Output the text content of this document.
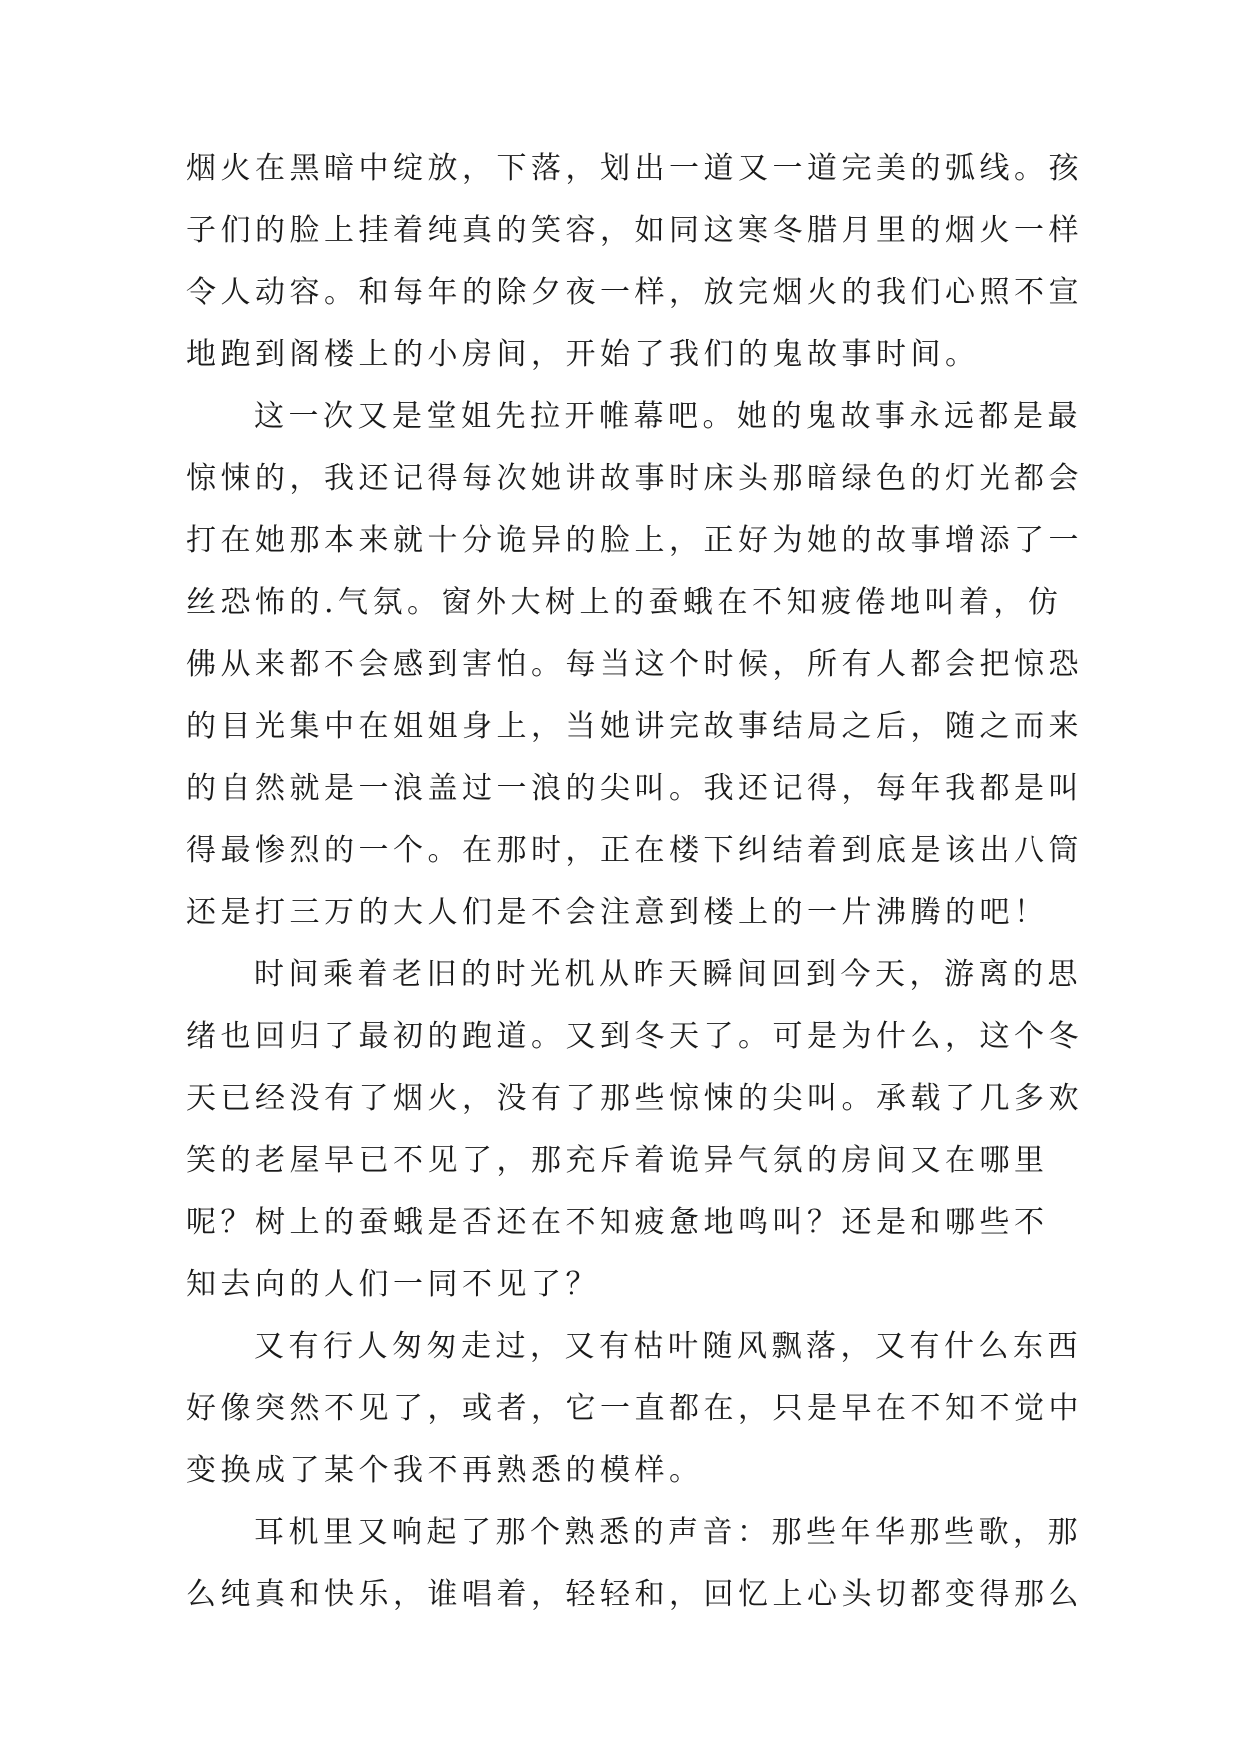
烟火在黑暗中绽放，下落，划出一道又一道完美的弧线。孩
子们的脸上挂着纯真的笑容，如同这寒冬腊月里的烟火一样
令人动容。和每年的除夕夜一样，放完烟火的我们心照不宣
地跑到阁楼上的小房间，开始了我们的鬼故事时间。
这一次又是堂姐先拉开帷幕吧。她的鬼故事永远都是最
惊悚的，我还记得每次她讲故事时床头那暗绿色的灯光都会
打在她那本来就十分诡异的脸上，正好为她的故事增添了一
丝恐怖的.气氛。窗外大树上的蚕蛾在不知疲倦地叫着，仿
佛从来都不会感到害怕。每当这个时候，所有人都会把惊恐
的目光集中在姐姐身上，当她讲完故事结局之后，随之而来
的自然就是一浪盖过一浪的尖叫。我还记得，每年我都是叫
得最惨烈的一个。在那时，正在楼下纠结着到底是该出八筒
还是打三万的大人们是不会注意到楼上的一片沸腾的吧！
时间乘着老旧的时光机从昨天瞬间回到今天，游离的思
绪也回归了最初的跑道。又到冬天了。可是为什么，这个冬
天已经没有了烟火，没有了那些惊悚的尖叫。承载了几多欢
笑的老屋早已不见了，那充斥着诡异气氛的房间又在哪里
呢？树上的蚕蛾是否还在不知疲惫地鸣叫？还是和哪些不
知去向的人们一同不见了？
又有行人匆匆走过，又有枯叶随风飘落，又有什么东西
好像突然不见了，或者，它一直都在，只是早在不知不觉中
变换成了某个我不再熟悉的模样。
耳机里又响起了那个熟悉的声音：那些年华那些歌，那
么纯真和快乐，谁唱着，轻轻和，回忆上心头切都变得那么
